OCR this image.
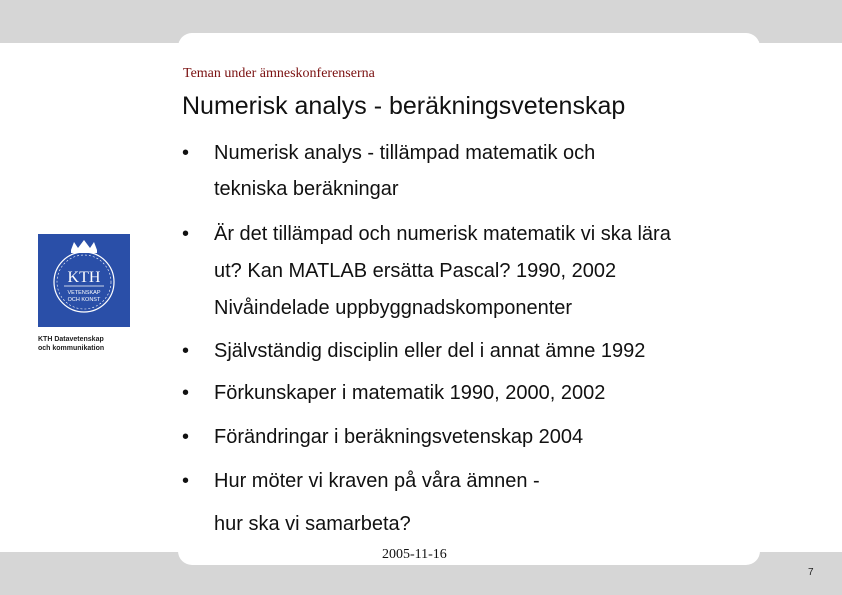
Teman under ämneskonferenserna
Numerisk analys - beräkningsvetenskap
• Numerisk analys - tillämpad matematik och
tekniska beräkningar
• Är det tillämpad och numerisk matematik vi ska lära
ut? Kan MATLAB ersätta Pascal? 1990, 2002
Nivåindelade uppbyggnadskomponenter
• Självständig disciplin eller del i annat ämne 1992
• Förkunskaper i matematik 1990, 2000, 2002
• Förändringar i beräkningsvetenskap 2004
• Hur möter vi kraven på våra ämnen -
hur ska vi samarbeta?
KTH
VETENSKAP
OCH KONST
KTH Datavetenskap
och kommunikation
2005-11-16
7
